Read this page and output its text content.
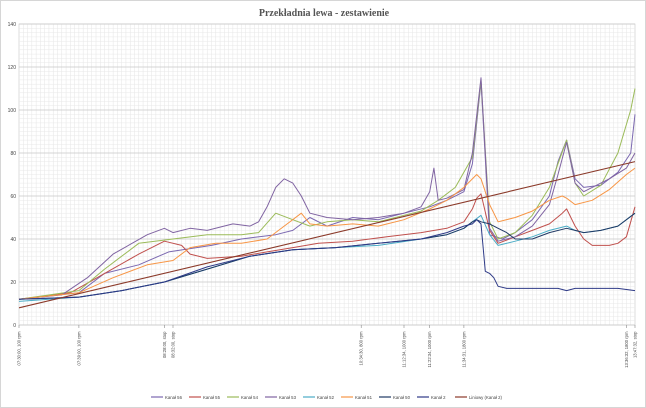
Przekładnia lewa - zestawienie
0
20
40
60
80
100
120
140
07:30:00, 100 rpm	07:39:00, 100 rpm	08:28:00, stop 08:32:00, stop	10:34:30, 800 rpm	11:12:34, 1000 rpm	11:22:34, 1000 rpm	11:34:31, 1800 rpm	13:36:32, 1800 rpm 13:47:32, stop
Kanał 56	Kanał 55	Kanał 54	Kanał 53	Kanał 52	Kanał 51	Kanał 50	Kanał 2	Liniowy (Kanał 2)
